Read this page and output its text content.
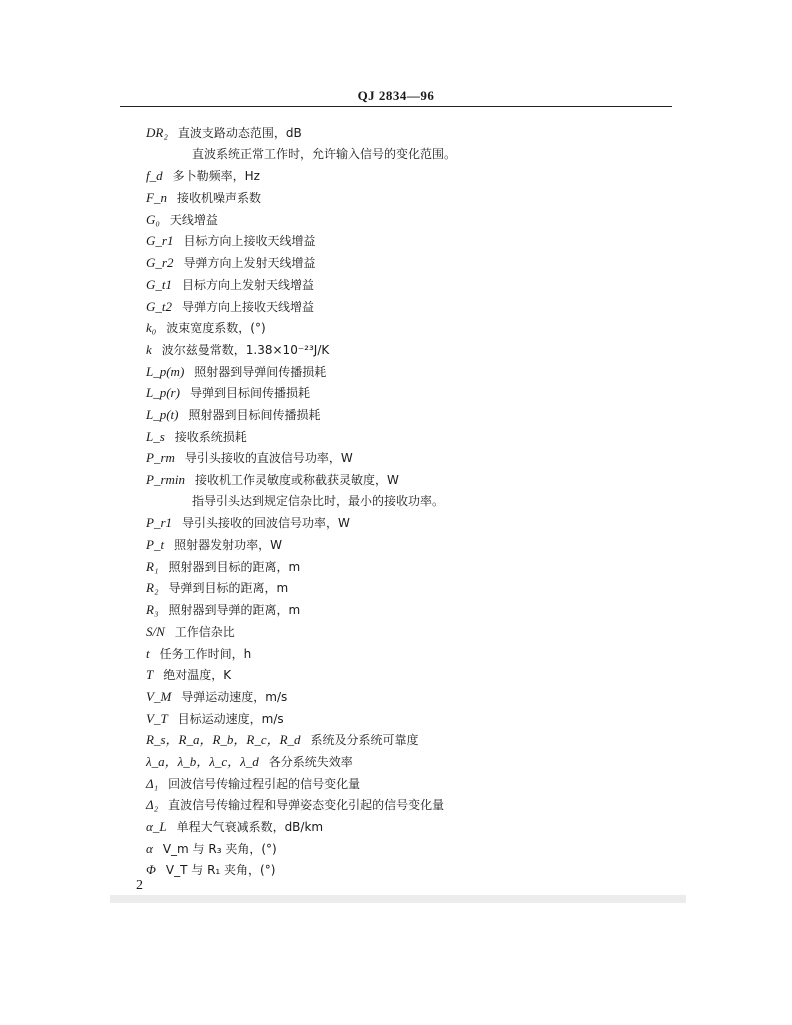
QJ 2834—96
DR₂ 直波支路动态范围，dB
直波系统正常工作时，允许输入信号的变化范围。
f_d 多卜勒频率，Hz
F_n 接收机噪声系数
G₀ 天线增益
G_r1 目标方向上接收天线增益
G_r2 导弹方向上发射天线增益
G_t1 目标方向上发射天线增益
G_t2 导弹方向上接收天线增益
k₀ 波束宽度系数，(°)
k 波尔兹曼常数，1.38×10⁻²³J/K
L_p(m) 照射器到导弹间传播损耗
L_p(r) 导弹到目标间传播损耗
L_p(t) 照射器到目标间传播损耗
L_s 接收系统损耗
P_rm 导引头接收的直波信号功率，W
P_rmin 接收机工作灵敏度或称截获灵敏度，W
指导引头达到规定信杂比时，最小的接收功率。
P_r1 导引头接收的回波信号功率，W
P_t 照射器发射功率，W
R₁ 照射器到目标的距离，m
R₂ 导弹到目标的距离，m
R₃ 照射器到导弹的距离，m
S/N 工作信杂比
t 任务工作时间，h
T 绝对温度，K
V_M 导弹运动速度，m/s
V_T 目标运动速度，m/s
R_s，R_a，R_b，R_c，R_d 系统及分系统可靠度
λ_a，λ_b，λ_c，λ_d 各分系统失效率
Δ₁ 回波信号传输过程引起的信号变化量
Δ₂ 直波信号传输过程和导弹姿态变化引起的信号变化量
α_L 单程大气衰减系数，dB/km
α V_m 与 R₃ 夹角，(°)
Φ V_T 与 R₁ 夹角，(°)
2
